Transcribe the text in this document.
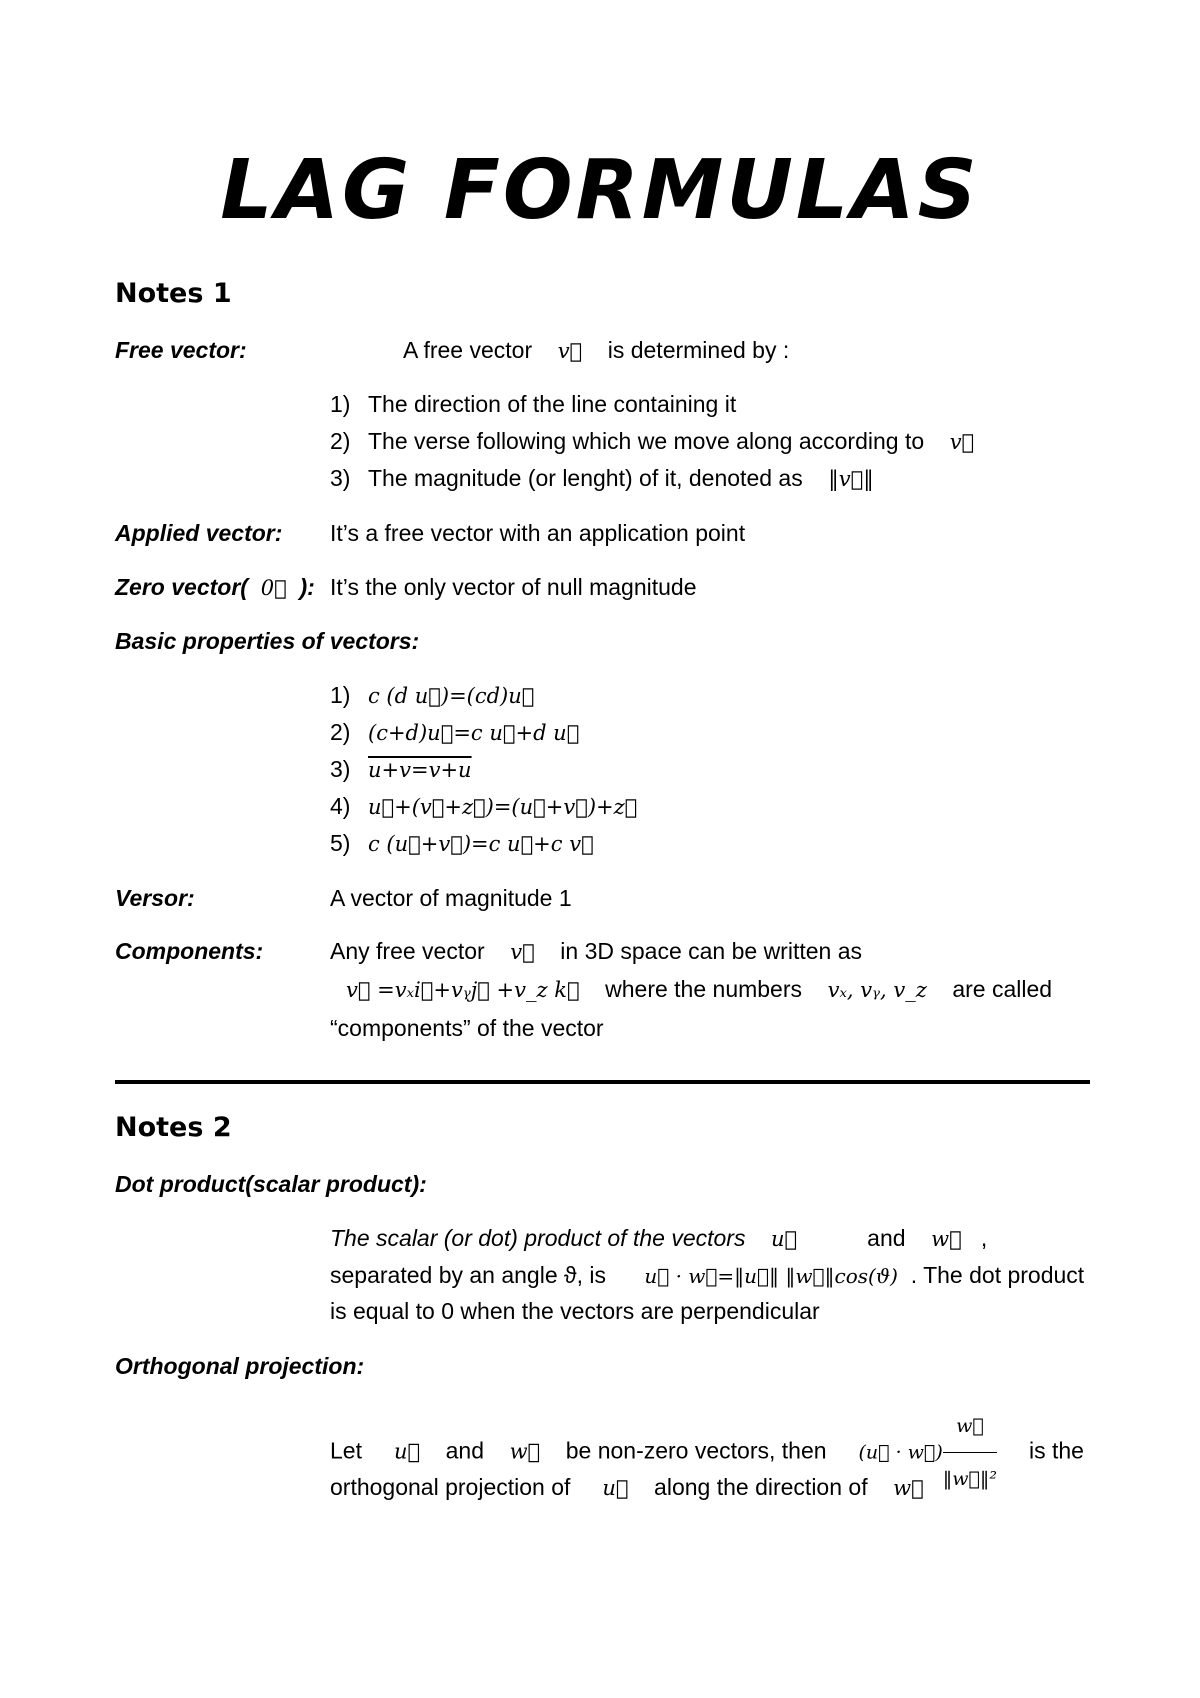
LAG FORMULAS
Notes 1
Free vector:	A free vector v⃗ is determined by :
1) The direction of the line containing it
2) The verse following which we move along according to v⃗
3) The magnitude (or lenght) of it, denoted as ‖v⃗‖
Applied vector: It’s a free vector with an application point
Zero vector( 0⃗ ): It’s the only vector of null magnitude
Basic properties of vectors:
1) c (d u⃗)=(cd)u⃗
2) (c+d)u⃗=c u⃗+d u⃗
3) u+v=v+u
4) u⃗+(v⃗+z⃗)=(u⃗+v⃗)+z⃗
5) c (u⃗+v⃗)=c u⃗+c v⃗
Versor:	A vector of magnitude 1
Components:	Any free vector v⃗ in 3D space can be written as
v⃗ =vₓi⃗+vᵧj⃗ +v_z k⃗ where the numbers vₓ, vᵧ, v_z are called
“components” of the vector
Notes 2
Dot product(scalar product):
The scalar (or dot) product of the vectors u⃗	and w⃗ ,
separated by an angle ϑ, is u⃗ · w⃗=‖u⃗‖ ‖w⃗‖cos(ϑ) . The dot product
is equal to 0 when the vectors are perpendicular
Orthogonal projection:
Let u⃗ and w⃗ be non-zero vectors, then (u⃗ · w⃗) $\frac{w⃗}{\text{‖w⃗‖²}}$ is the
orthogonal projection of u⃗ along the direction of w⃗
